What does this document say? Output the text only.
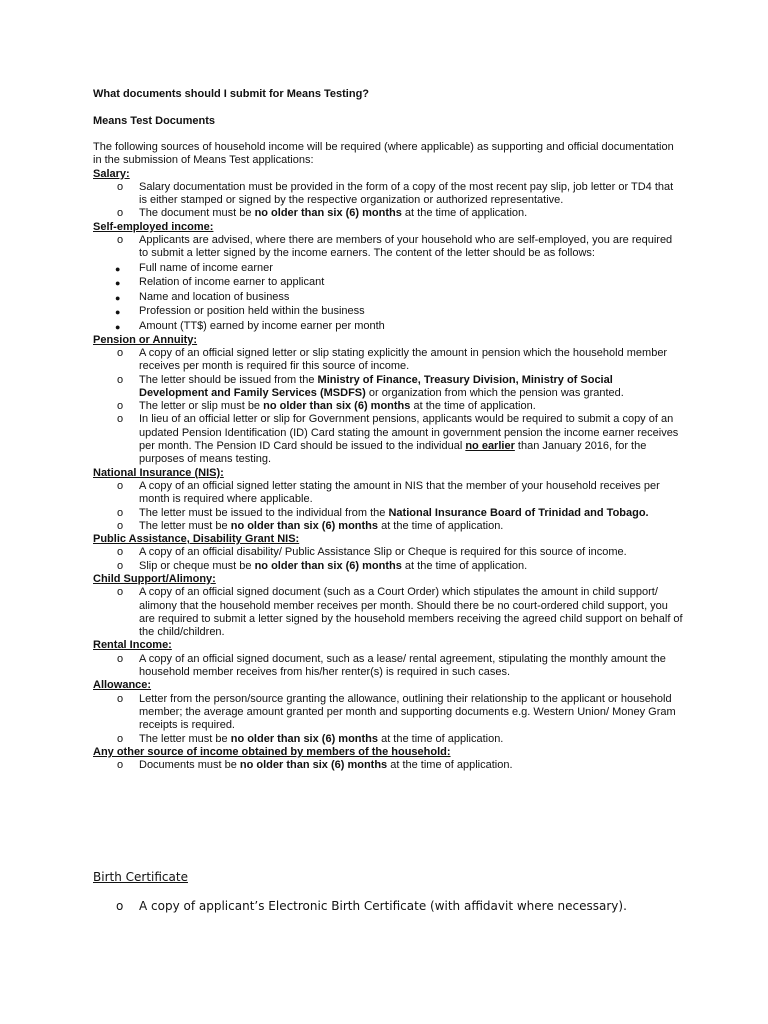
What documents should I submit for Means Testing?
Means Test Documents

The following sources of household income will be required (where applicable) as supporting and official documentation in the submission of Means Test applications:

Salary:
o Salary documentation must be provided in the form of a copy of the most recent pay slip, job letter or TD4 that is either stamped or signed by the respective organization or authorized representative.
o The document must be no older than six (6) months at the time of application.
Self-employed income:
o Applicants are advised, where there are members of your household who are self-employed, you are required to submit a letter signed by the income earners. The content of the letter should be as follows:
● Full name of income earner
● Relation of income earner to applicant
● Name and location of business
● Profession or position held within the business
● Amount (TT$) earned by income earner per month
Pension or Annuity:
o A copy of an official signed letter or slip stating explicitly the amount in pension which the household member receives per month is required fir this source of income.
o The letter should be issued from the Ministry of Finance, Treasury Division, Ministry of Social Development and Family Services (MSDFS) or organization from which the pension was granted.
o The letter or slip must be no older than six (6) months at the time of application.
o In lieu of an official letter or slip for Government pensions, applicants would be required to submit a copy of an updated Pension Identification (ID) Card stating the amount in government pension the income earner receives per month. The Pension ID Card should be issued to the individual no earlier than January 2016, for the purposes of means testing.
National Insurance (NIS):
o A copy of an official signed letter stating the amount in NIS that the member of your household receives per month is required where applicable.
o The letter must be issued to the individual from the National Insurance Board of Trinidad and Tobago.
o The letter must be no older than six (6) months at the time of application.
Public Assistance, Disability Grant NIS:
o A copy of an official disability/ Public Assistance Slip or Cheque is required for this source of income.
o Slip or cheque must be no older than six (6) months at the time of application.
Child Support/Alimony:
o A copy of an official signed document (such as a Court Order) which stipulates the amount in child support/ alimony that the household member receives per month. Should there be no court-ordered child support, you are required to submit a letter signed by the household members receiving the agreed child support on behalf of the child/children.
Rental Income:
o A copy of an official signed document, such as a lease/ rental agreement, stipulating the monthly amount the household member receives from his/her renter(s) is required in such cases.
Allowance:
o Letter from the person/source granting the allowance, outlining their relationship to the applicant or household member; the average amount granted per month and supporting documents e.g. Western Union/ Money Gram receipts is required.
o The letter must be no older than six (6) months at the time of application.
Any other source of income obtained by members of the household:
o Documents must be no older than six (6) months at the time of application.
Birth Certificate
o A copy of applicant’s Electronic Birth Certificate (with affidavit where necessary).
